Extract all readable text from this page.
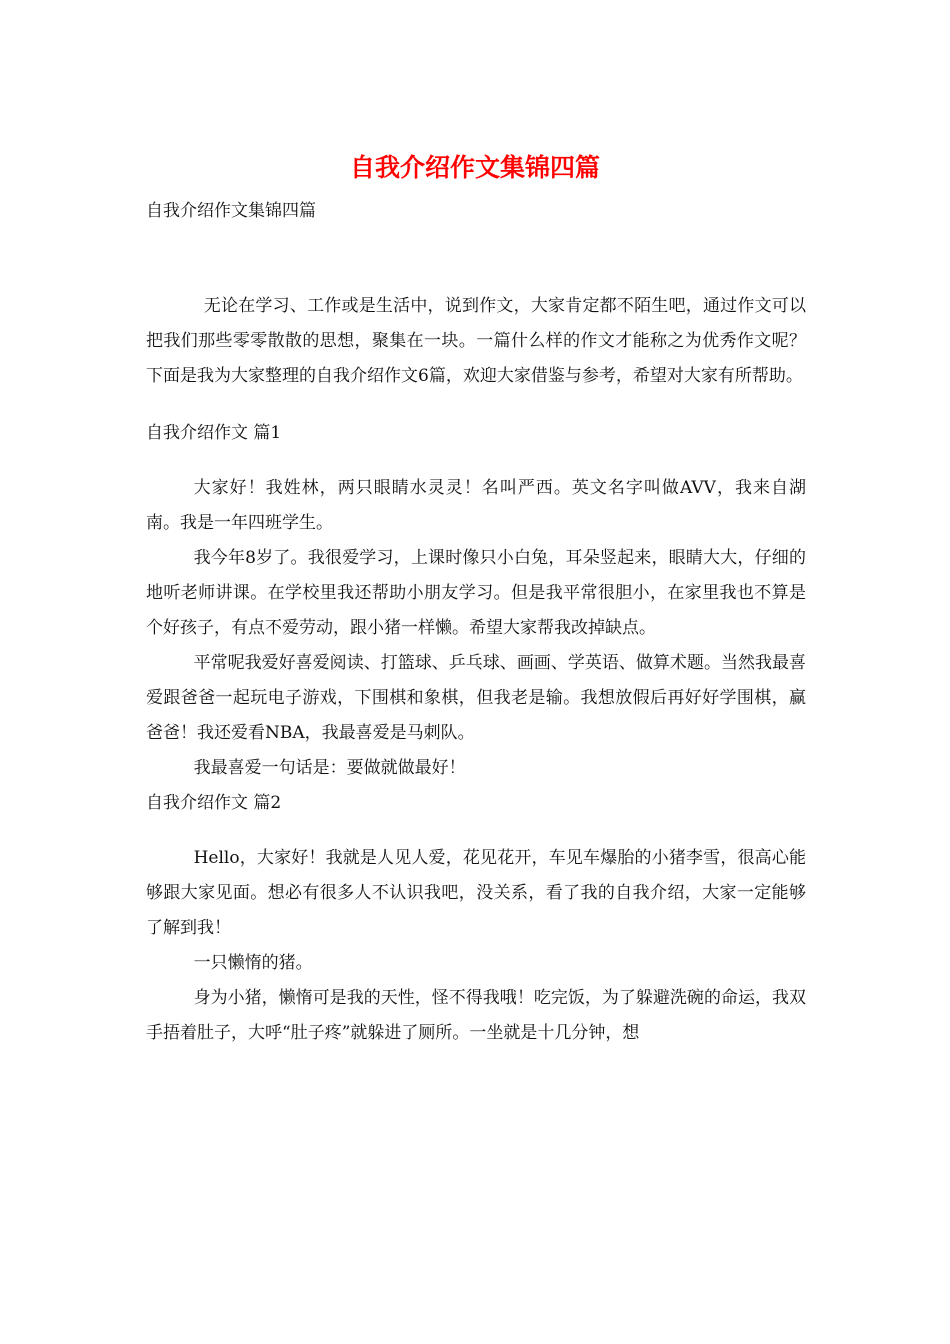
自我介绍作文集锦四篇

自我介绍作文集锦四篇

无论在学习、工作或是生活中，说到作文，大家肯定都不陌生吧，通过作文可以把我们那些零零散散的思想，聚集在一块。一篇什么样的作文才能称之为优秀作文呢？下面是我为大家整理的自我介绍作文6篇，欢迎大家借鉴与参考，希望对大家有所帮助。

自我介绍作文 篇1

大家好！我姓林，两只眼睛水灵灵！名叫严西。英文名字叫做AVV，我来自湖南。我是一年四班学生。

我今年8岁了。我很爱学习，上课时像只小白兔，耳朵竖起来，眼睛大大，仔细的地听老师讲课。在学校里我还帮助小朋友学习。但是我平常很胆小，在家里我也不算是个好孩子，有点不爱劳动，跟小猪一样懒。希望大家帮我改掉缺点。

平常呢我爱好喜爱阅读、打篮球、乒乓球、画画、学英语、做算术题。当然我最喜爱跟爸爸一起玩电子游戏，下围棋和象棋，但我老是输。我想放假后再好好学围棋，赢爸爸！我还爱看NBA，我最喜爱是马刺队。

我最喜爱一句话是：要做就做最好！

自我介绍作文 篇2

Hello，大家好！我就是人见人爱，花见花开，车见车爆胎的小猪李雪，很高心能够跟大家见面。想必有很多人不认识我吧，没关系，看了我的自我介绍，大家一定能够了解到我！

一只懒惰的猪。

身为小猪，懒惰可是我的天性，怪不得我哦！吃完饭，为了躲避洗碗的命运，我双手捂着肚子，大呼“肚子疼”就躲进了厕所。一坐就是十几分钟，想
